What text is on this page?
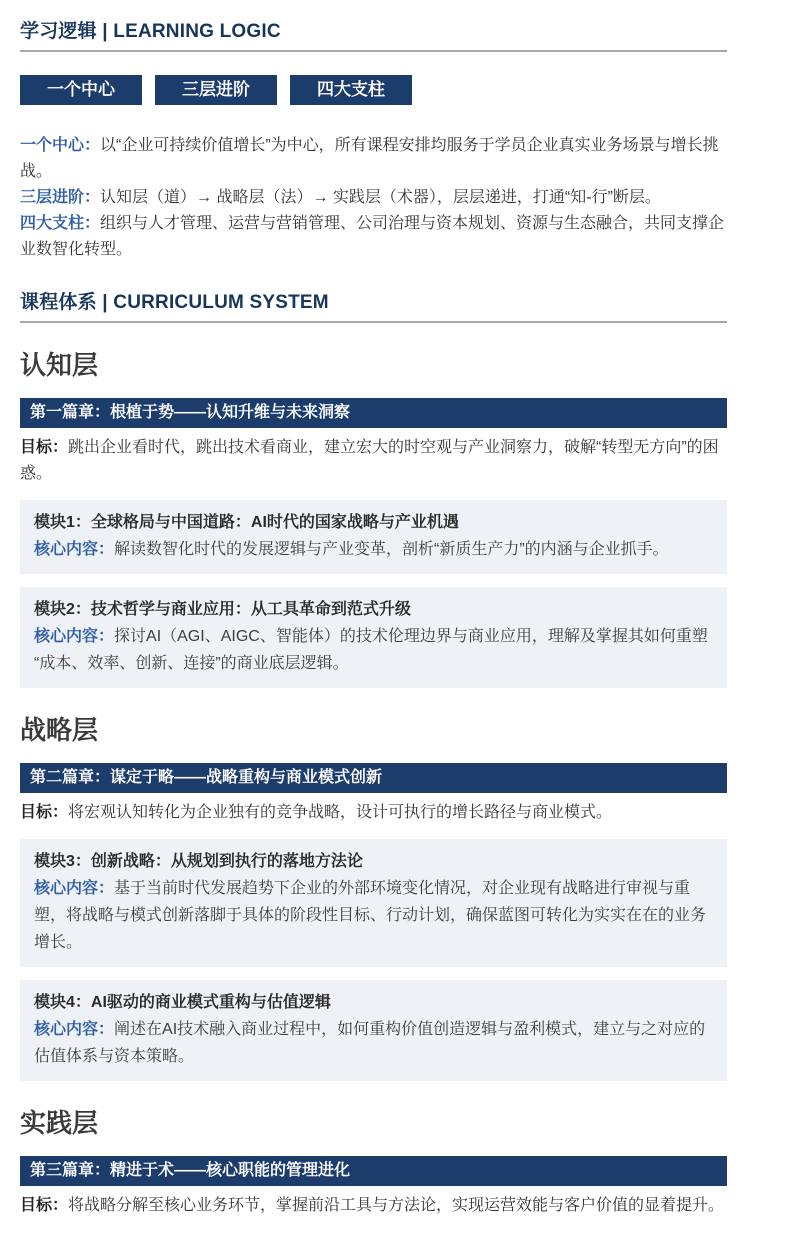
学习逻辑 | LEARNING LOGIC
一个中心	三层进阶	四大支柱

一个中心：以“企业可持续价值增长”为中心，所有课程安排均服务于学员企业真实业务场景与增长挑战。

三层进阶：认知层（道）→ 战略层（法）→ 实践层（术器），层层递进，打通“知-行”断层。

四大支柱：组织与人才管理、运营与营销管理、公司治理与资本规划、资源与生态融合，共同支撑企业数智化转型。

课程体系 | CURRICULUM SYSTEM
认知层
第一篇章：根植于势——认知升维与未来洞察

目标：跳出企业看时代，跳出技术看商业，建立宏大的时空观与产业洞察力，破解“转型无方向”的困惑。

模块1：全球格局与中国道路：AI时代的国家战略与产业机遇

核心内容：解读数智化时代的发展逻辑与产业变革，剖析“新质生产力”的内涵与企业抓手。

模块2：技术哲学与商业应用：从工具革命到范式升级

核心内容：探讨AI（AGI、AIGC、智能体）的技术伦理边界与商业应用，理解及掌握其如何重塑“成本、效率、创新、连接”的商业底层逻辑。

战略层
第二篇章：谋定于略——战略重构与商业模式创新

目标：将宏观认知转化为企业独有的竞争战略，设计可执行的增长路径与商业模式。

模块3：创新战略：从规划到执行的落地方法论

核心内容：基于当前时代发展趋势下企业的外部环境变化情况，对企业现有战略进行审视与重塑，将战略与模式创新落脚于具体的阶段性目标、行动计划，确保蓝图可转化为实实在在的业务增长。

模块4：AI驱动的商业模式重构与估值逻辑

核心内容：阐述在AI技术融入商业过程中，如何重构价值创造逻辑与盈利模式，建立与之对应的估值体系与资本策略。

实践层
第三篇章：精进于术——核心职能的管理进化

目标：将战略分解至核心业务环节，掌握前沿工具与方法论，实现运营效能与客户价值的显着提升。
